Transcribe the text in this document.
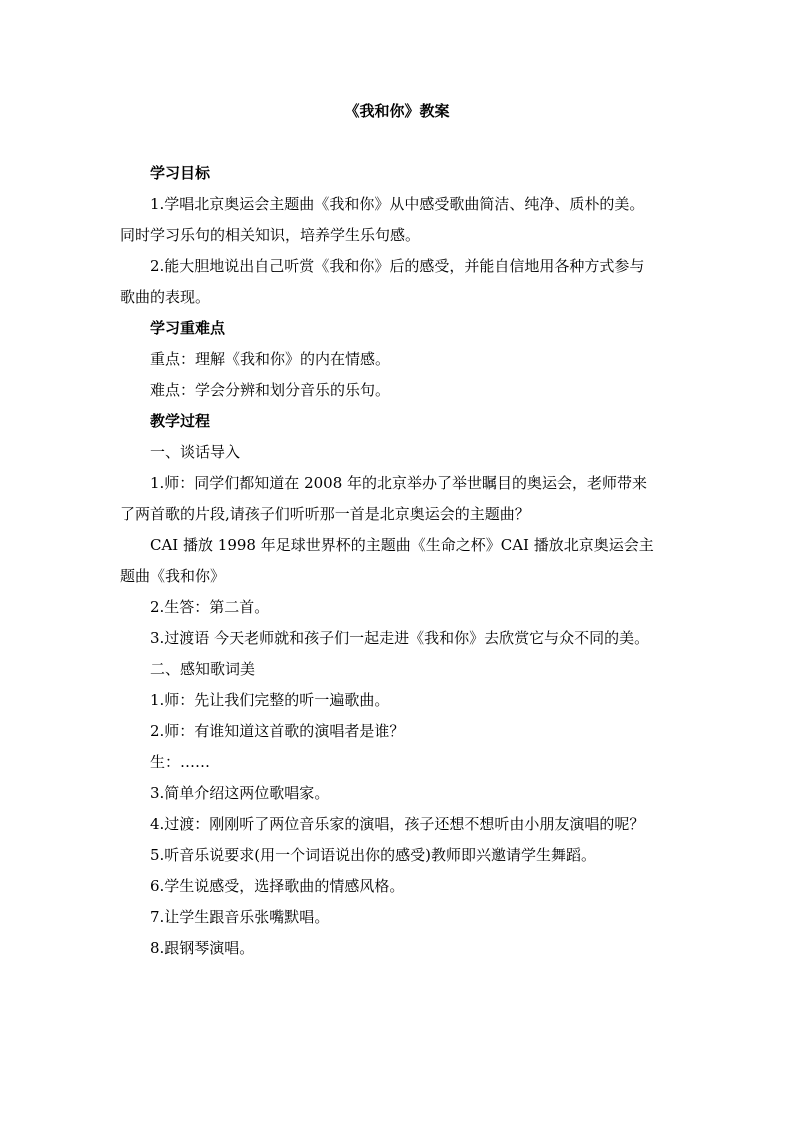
《我和你》教案

学习目标

1.学唱北京奥运会主题曲《我和你》从中感受歌曲简洁、纯净、质朴的美。

同时学习乐句的相关知识，培养学生乐句感。

2.能大胆地说出自己听赏《我和你》后的感受，并能自信地用各种方式参与

歌曲的表现。

学习重难点

重点：理解《我和你》的内在情感。

难点：学会分辨和划分音乐的乐句。

教学过程

一、谈话导入

1.师：同学们都知道在 2008 年的北京举办了举世瞩目的奥运会，老师带来

了两首歌的片段,请孩子们听听那一首是北京奥运会的主题曲？

CAI 播放 1998 年足球世界杯的主题曲《生命之杯》CAI 播放北京奥运会主

题曲《我和你》

2.生答：第二首。

3.过渡语 今天老师就和孩子们一起走进《我和你》去欣赏它与众不同的美。

二、感知歌词美

1.师：先让我们完整的听一遍歌曲。

2.师：有谁知道这首歌的演唱者是谁？

生：……

3.简单介绍这两位歌唱家。

4.过渡：刚刚听了两位音乐家的演唱，孩子还想不想听由小朋友演唱的呢？

5.听音乐说要求(用一个词语说出你的感受)教师即兴邀请学生舞蹈。

6.学生说感受，选择歌曲的情感风格。

7.让学生跟音乐张嘴默唱。

8.跟钢琴演唱。
